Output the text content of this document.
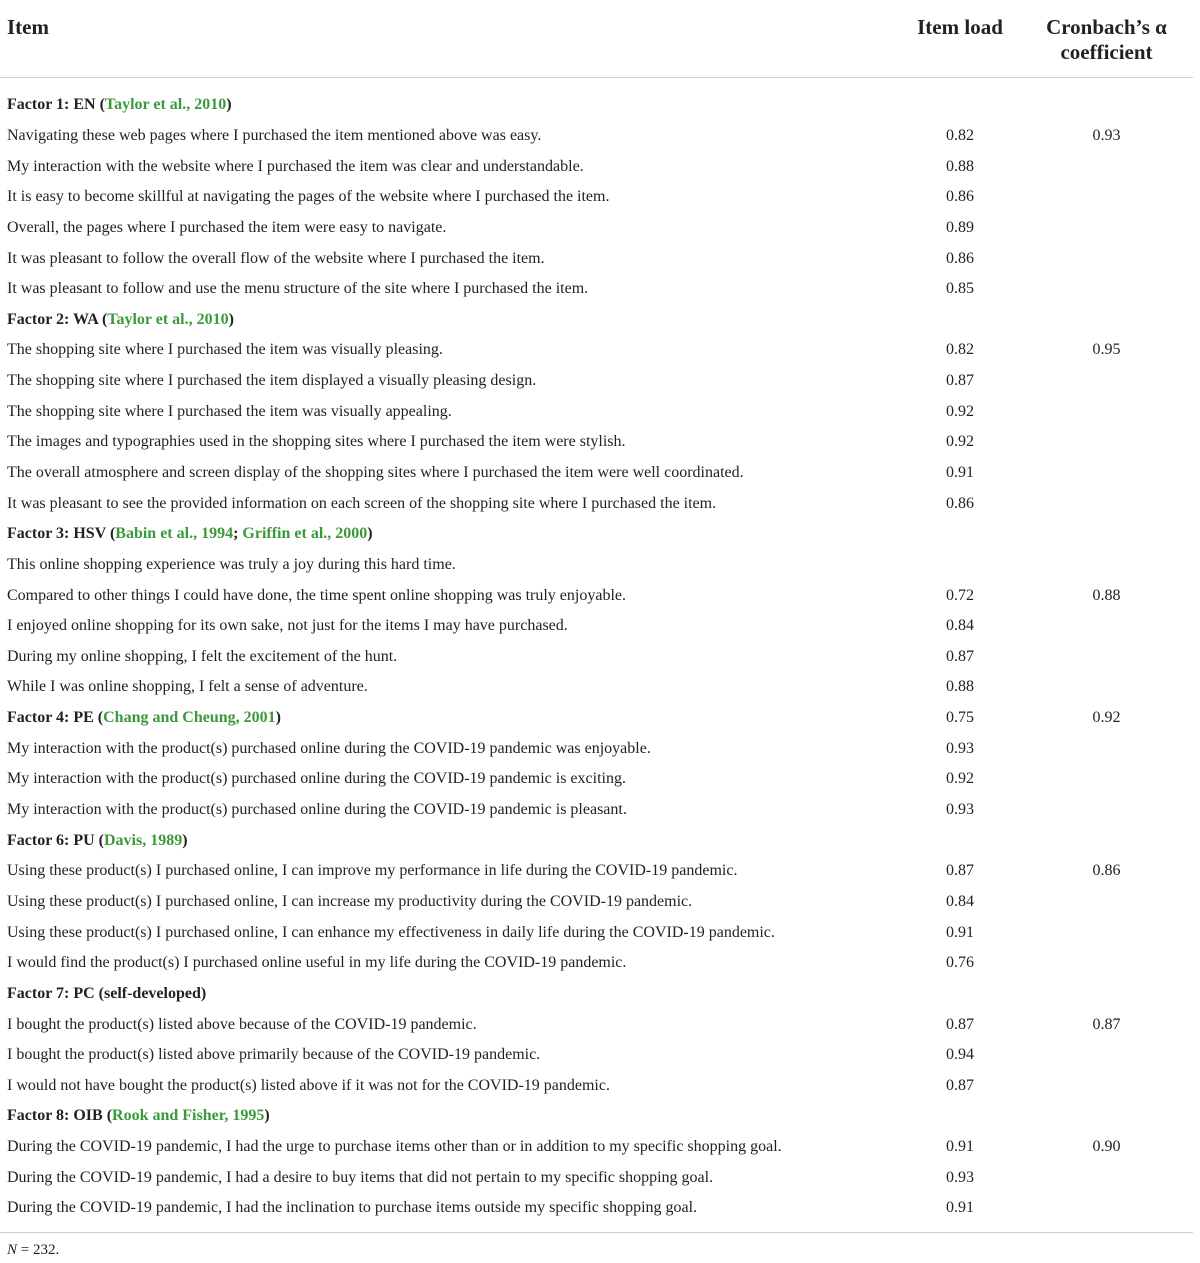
Item	Item load	Cronbach’s α coefficient
Factor 1: EN (Taylor et al., 2010)		
Navigating these web pages where I purchased the item mentioned above was easy.	0.82	0.93
My interaction with the website where I purchased the item was clear and understandable.	0.88	
It is easy to become skillful at navigating the pages of the website where I purchased the item.	0.86	
Overall, the pages where I purchased the item were easy to navigate.	0.89	
It was pleasant to follow the overall flow of the website where I purchased the item.	0.86	
It was pleasant to follow and use the menu structure of the site where I purchased the item.	0.85	
Factor 2: WA (Taylor et al., 2010)		
The shopping site where I purchased the item was visually pleasing.	0.82	0.95
The shopping site where I purchased the item displayed a visually pleasing design.	0.87	
The shopping site where I purchased the item was visually appealing.	0.92	
The images and typographies used in the shopping sites where I purchased the item were stylish.	0.92	
The overall atmosphere and screen display of the shopping sites where I purchased the item were well coordinated.	0.91	
It was pleasant to see the provided information on each screen of the shopping site where I purchased the item.	0.86	
Factor 3: HSV (Babin et al., 1994; Griffin et al., 2000)		
This online shopping experience was truly a joy during this hard time.		
Compared to other things I could have done, the time spent online shopping was truly enjoyable.	0.72	0.88
I enjoyed online shopping for its own sake, not just for the items I may have purchased.	0.84	
During my online shopping, I felt the excitement of the hunt.	0.87	
While I was online shopping, I felt a sense of adventure.	0.88	
Factor 4: PE (Chang and Cheung, 2001)	0.75	0.92
My interaction with the product(s) purchased online during the COVID-19 pandemic was enjoyable.	0.93	
My interaction with the product(s) purchased online during the COVID-19 pandemic is exciting.	0.92	
My interaction with the product(s) purchased online during the COVID-19 pandemic is pleasant.	0.93	
Factor 6: PU (Davis, 1989)		
Using these product(s) I purchased online, I can improve my performance in life during the COVID-19 pandemic.	0.87	0.86
Using these product(s) I purchased online, I can increase my productivity during the COVID-19 pandemic.	0.84	
Using these product(s) I purchased online, I can enhance my effectiveness in daily life during the COVID-19 pandemic.	0.91	
I would find the product(s) I purchased online useful in my life during the COVID-19 pandemic.	0.76	
Factor 7: PC (self-developed)		
I bought the product(s) listed above because of the COVID-19 pandemic.	0.87	0.87
I bought the product(s) listed above primarily because of the COVID-19 pandemic.	0.94	
I would not have bought the product(s) listed above if it was not for the COVID-19 pandemic.	0.87	
Factor 8: OIB (Rook and Fisher, 1995)		
During the COVID-19 pandemic, I had the urge to purchase items other than or in addition to my specific shopping goal.	0.91	0.90
During the COVID-19 pandemic, I had a desire to buy items that did not pertain to my specific shopping goal.	0.93	
During the COVID-19 pandemic, I had the inclination to purchase items outside my specific shopping goal.	0.91	
N = 232.
